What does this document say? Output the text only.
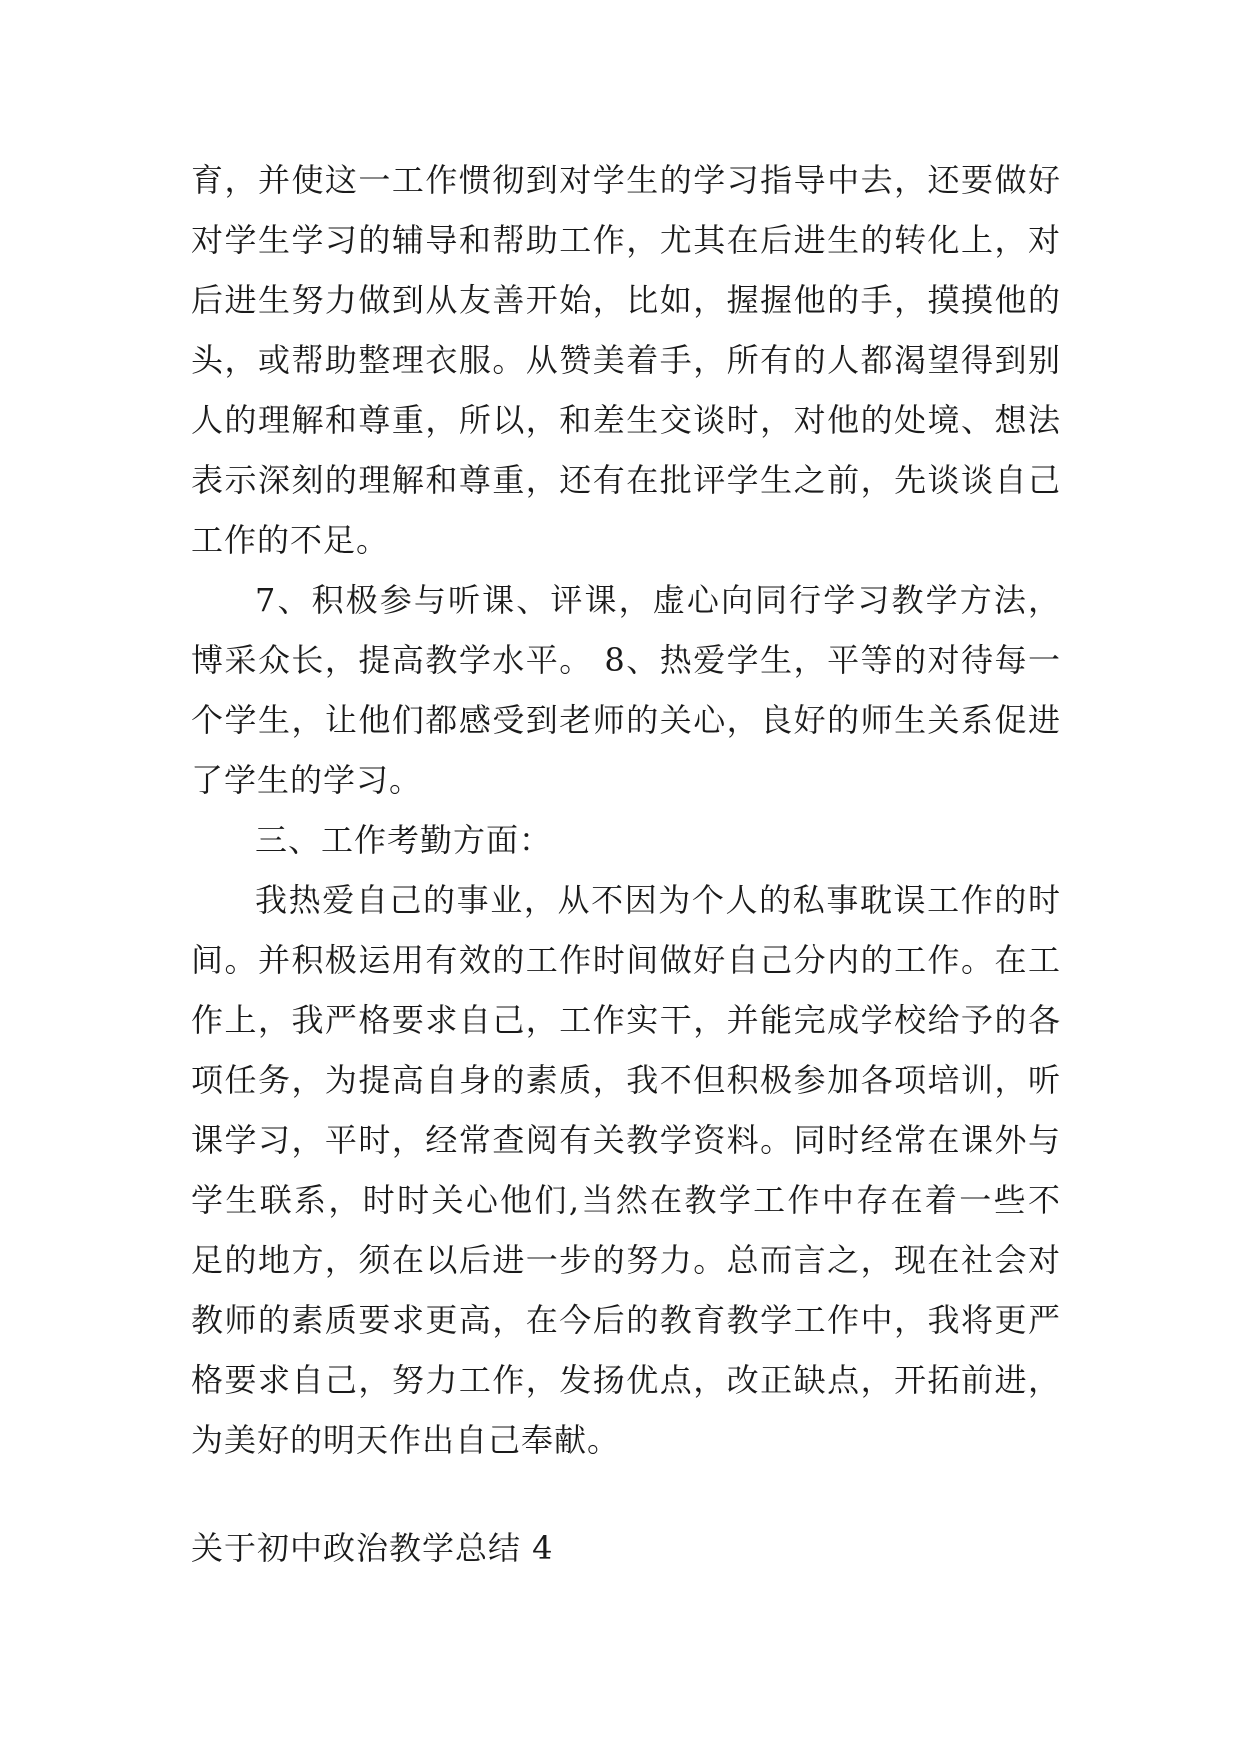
育，并使这一工作惯彻到对学生的学习指导中去，还要做好

对学生学习的辅导和帮助工作，尤其在后进生的转化上，对

后进生努力做到从友善开始，比如，握握他的手，摸摸他的

头，或帮助整理衣服。从赞美着手，所有的人都渴望得到别

人的理解和尊重，所以，和差生交谈时，对他的处境、想法

表示深刻的理解和尊重，还有在批评学生之前，先谈谈自己

工作的不足。

7、积极参与听课、评课，虚心向同行学习教学方法，

博采众长，提高教学水平。 8、热爱学生，平等的对待每一

个学生，让他们都感受到老师的关心，良好的师生关系促进

了学生的学习。

三、工作考勤方面：

我热爱自己的事业，从不因为个人的私事耽误工作的时

间。并积极运用有效的工作时间做好自己分内的工作。在工

作上，我严格要求自己，工作实干，并能完成学校给予的各

项任务，为提高自身的素质，我不但积极参加各项培训，听

课学习，平时，经常查阅有关教学资料。同时经常在课外与

学生联系，时时关心他们,当然在教学工作中存在着一些不

足的地方，须在以后进一步的努力。总而言之，现在社会对

教师的素质要求更高，在今后的教育教学工作中，我将更严

格要求自己，努力工作，发扬优点，改正缺点，开拓前进，

为美好的明天作出自己奉献。

关于初中政治教学总结 4
